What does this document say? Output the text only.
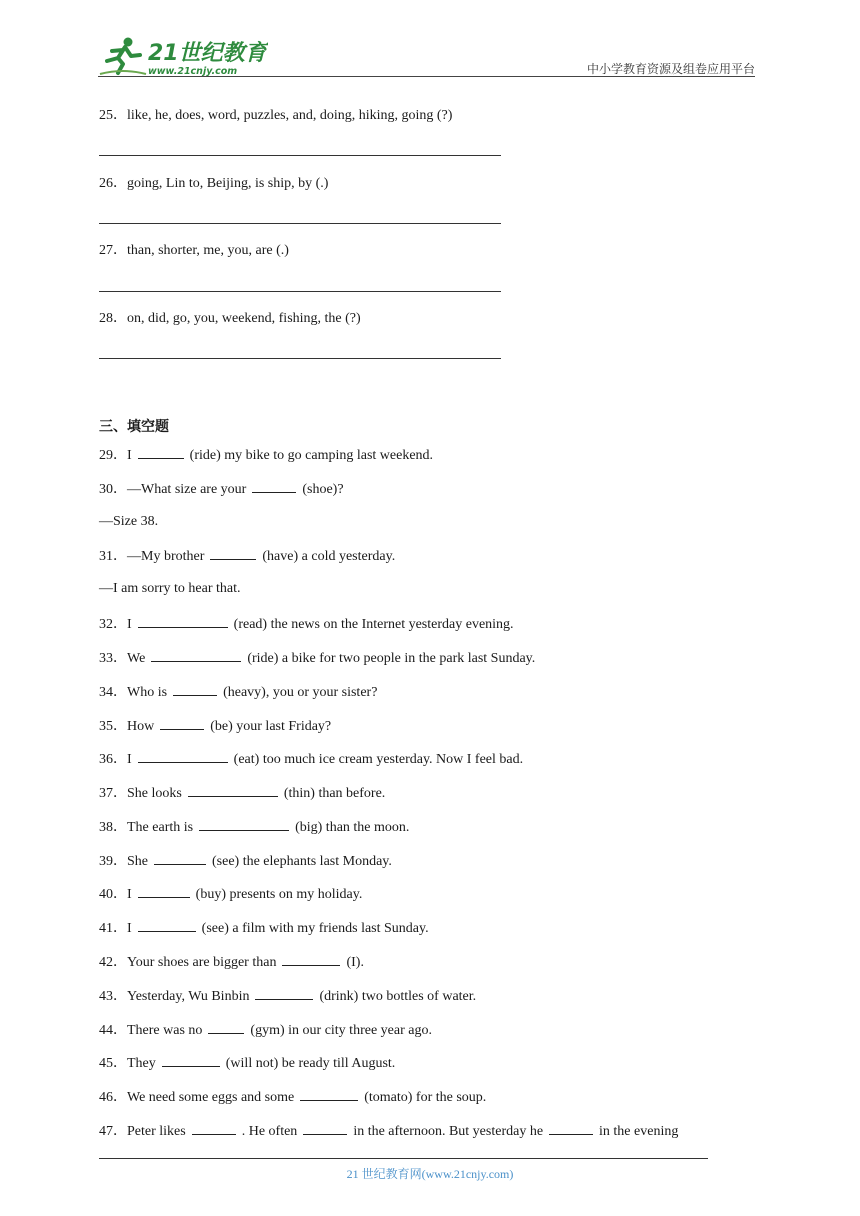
21世纪教育
www.21cnjy.com	中小学教育资源及组卷应用平台
25．like, he, does, word, puzzles, and, doing, hiking, going (?)
26．going, Lin to, Beijing, is ship, by (.)
27．than, shorter, me, you, are (.)
28．on, did, go, you, weekend, fishing, the (?)
三、填空题
29．I	(ride) my bike to go camping last weekend.
30．—What size are your	(shoe)?
—Size 38.
31．—My brother	(have) a cold yesterday.
—I am sorry to hear that.
32．I	(read) the news on the Internet yesterday evening.
33．We	(ride) a bike for two people in the park last Sunday.
34．Who is	(heavy), you or your sister?
35．How	(be) your last Friday?
36．I	(eat) too much ice cream yesterday. Now I feel bad.
37．She looks	(thin) than before.
38．The earth is	(big) than the moon.
39．She	(see) the elephants last Monday.
40．I	(buy) presents on my holiday.
41．I	(see) a film with my friends last Sunday.
42．Your shoes are bigger than	(I).
43．Yesterday, Wu Binbin	(drink) two bottles of water.
44．There was no	(gym) in our city three year ago.
45．They	(will not) be ready till August.
46．We need some eggs and some	(tomato) for the soup.
47．Peter likes	. He often	in the afternoon. But yesterday he	in the evening
21 世纪教育网(www.21cnjy.com)
